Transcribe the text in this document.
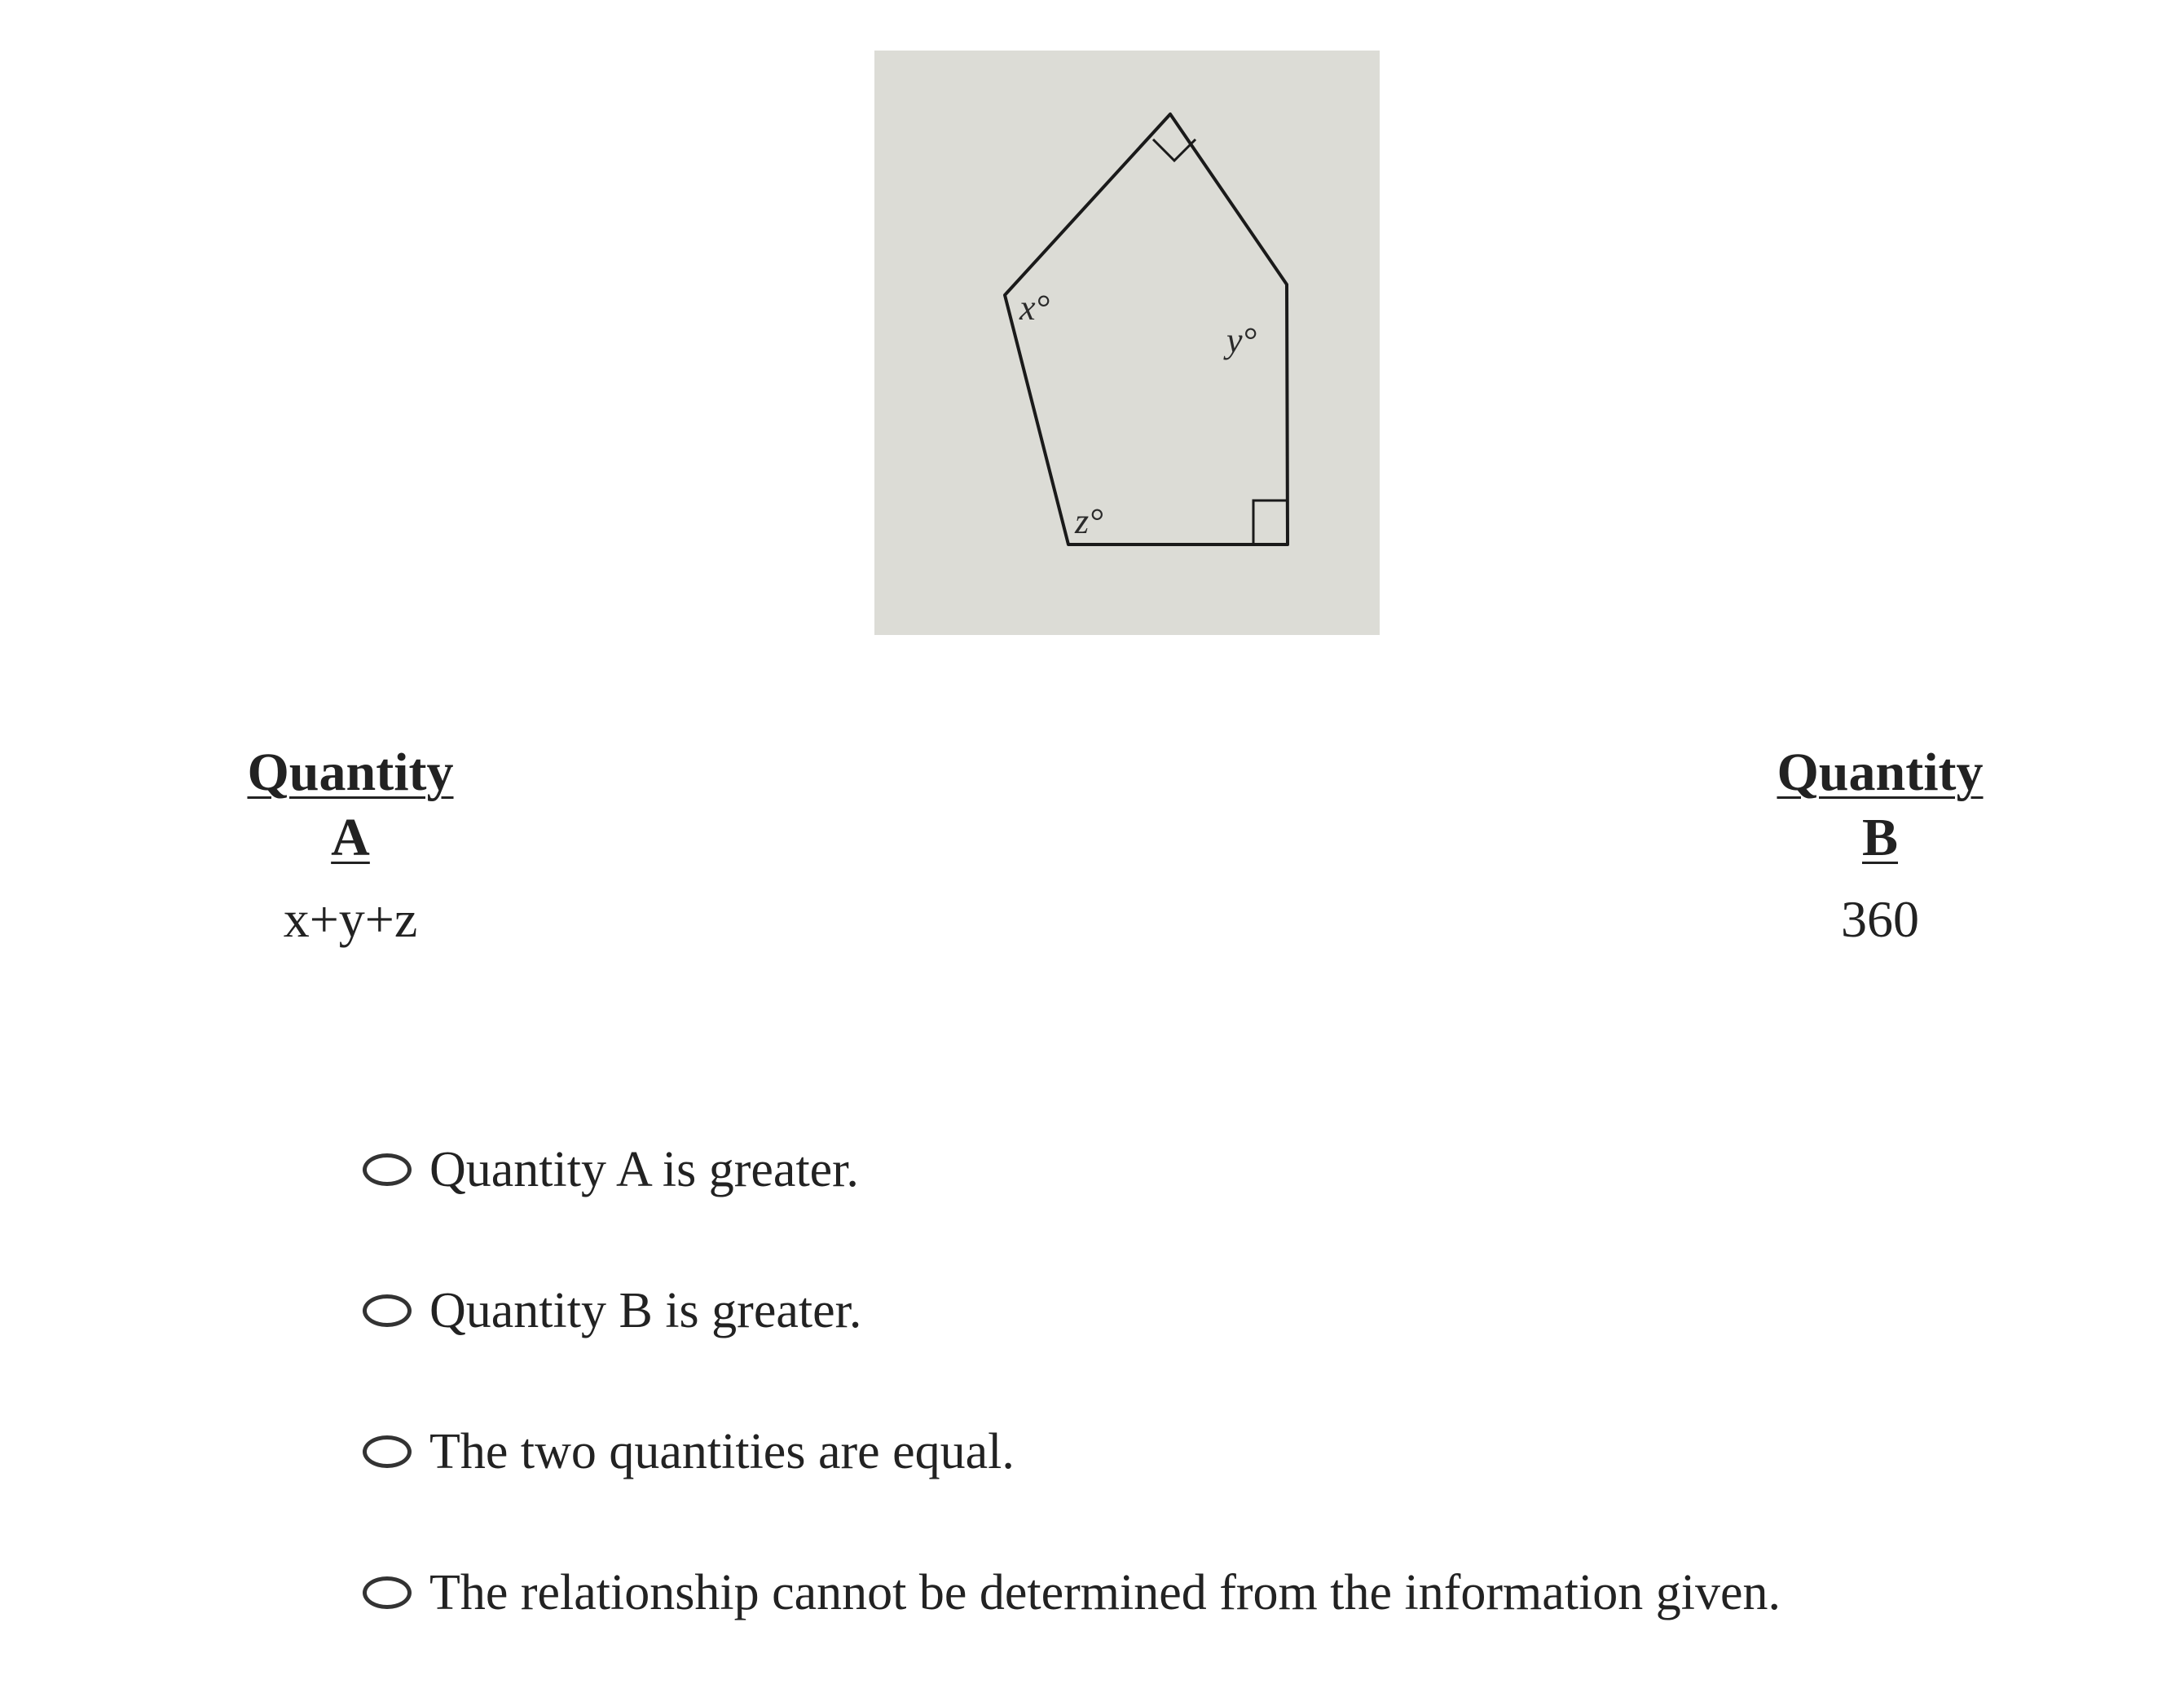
x°
y°
z°
Quantity A
x+y+z
Quantity B
360
Quantity A is greater.
Quantity B is greater.
The two quantities are equal.
The relationship cannot be determined from the information given.
